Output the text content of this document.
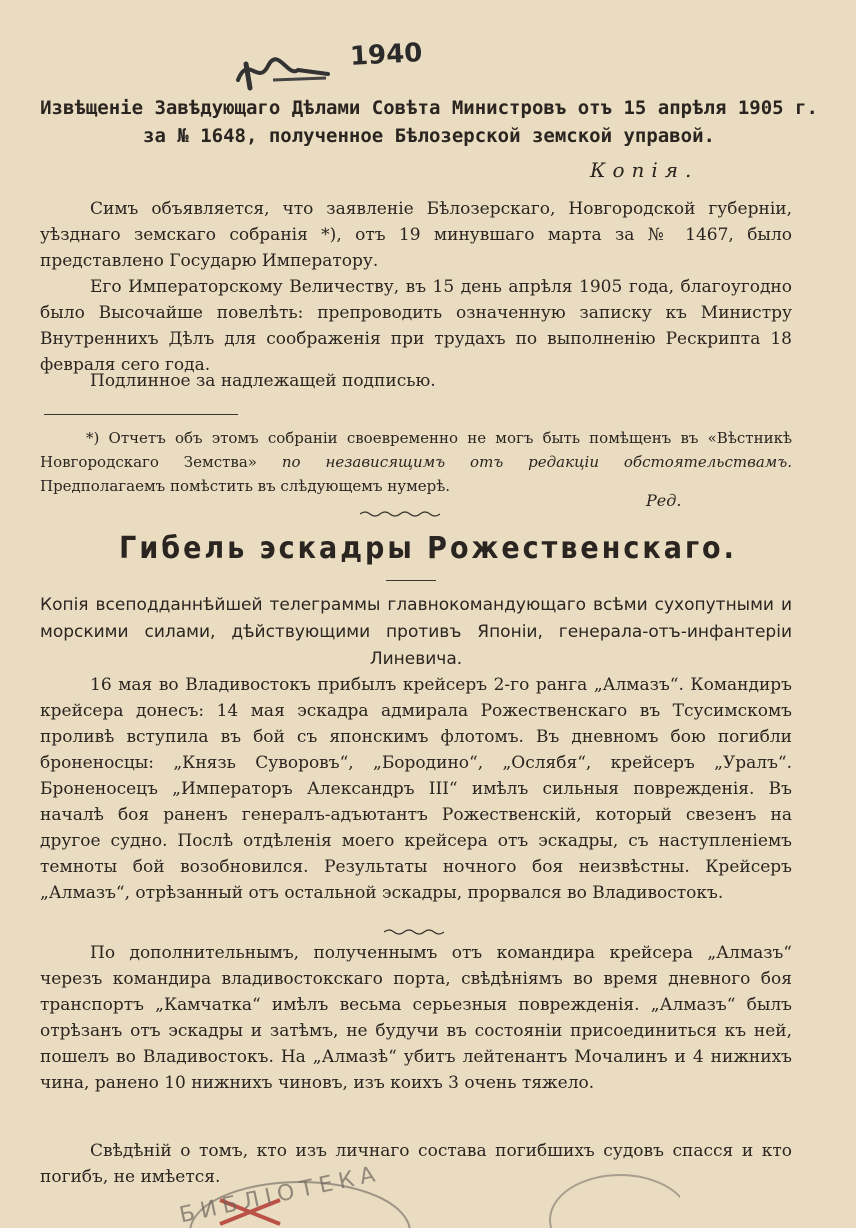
1940
Извѣщеніе Завѣдующаго Дѣлами Совѣта Министровъ отъ 15 апрѣля 1905 г.
за № 1648, полученное Бѣлозерской земской управой.
Копія.
Симъ объявляется, что заявленіе Бѣлозерскаго, Новгородской губерніи, уѣзднаго земскаго собранія *), отъ 19 минувшаго марта за № 1467, было представлено Государю Императору.
Его Императорскому Величеству, въ 15 день апрѣля 1905 года, благоугодно было Высочайше повелѣть: препроводить означенную записку къ Министру Внутреннихъ Дѣлъ для соображенія при трудахъ по выполненію Рескрипта 18 февраля сего года.
Подлинное за надлежащей подписью.
*) Отчетъ объ этомъ собраніи своевременно не могъ быть помѣщенъ въ «Вѣстникѣ Новгородскаго Земства» по независящимъ отъ редакціи обстоятельствамъ. Предполагаемъ помѣстить въ слѣдующемъ нумерѣ.
Ред.
Гибель эскадры Рожественскаго.
Копія всеподданнѣйшей телеграммы главнокомандующаго всѣми сухопутными и морскими силами, дѣйствующими противъ Японіи, генерала-отъ-инфантеріи Линевича.
16 мая во Владивостокъ прибылъ крейсеръ 2-го ранга „Алмазъ“. Командиръ крейсера донесъ: 14 мая эскадра адмирала Рожественскаго въ Тсусимскомъ проливѣ вступила въ бой съ японскимъ флотомъ. Въ дневномъ бою погибли броненосцы: „Князь Суворовъ“, „Бородино“, „Ослябя“, крейсеръ „Уралъ“. Броненосецъ „Императоръ Александръ III“ имѣлъ сильныя поврежденія. Въ началѣ боя раненъ генералъ-адъютантъ Рожественскій, который свезенъ на другое судно. Послѣ отдѣленія моего крейсера отъ эскадры, съ наступленіемъ темноты бой возобновился. Результаты ночного боя неизвѣстны. Крейсеръ „Алмазъ“, отрѣзанный отъ остальной эскадры, прорвался во Владивостокъ.
По дополнительнымъ, полученнымъ отъ командира крейсера „Алмазъ“ черезъ командира владивостокскаго порта, свѣдѣніямъ во время дневного боя транспортъ „Камчатка“ имѣлъ весьма серьезныя поврежденія. „Алмазъ“ былъ отрѣзанъ отъ эскадры и затѣмъ, не будучи въ состояніи присоединиться къ ней, пошелъ во Владивостокъ. На „Алмазѣ“ убитъ лейтенантъ Мочалинъ и 4 нижнихъ чина, ранено 10 нижнихъ чиновъ, изъ коихъ 3 очень тяжело.
Свѣдѣній о томъ, кто изъ личнаго состава погибшихъ судовъ спасся и кто погибъ, не имѣется.
БИБЛІОТЕКА
